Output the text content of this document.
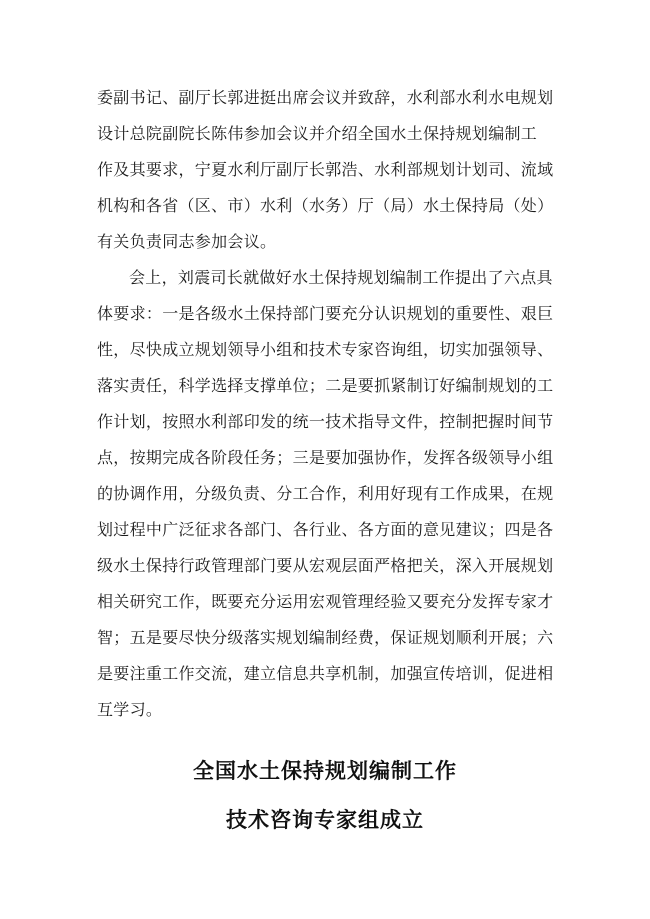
委副书记、副厅长郭进挺出席会议并致辞，水利部水利水电规划
设计总院副院长陈伟参加会议并介绍全国水土保持规划编制工
作及其要求，宁夏水利厅副厅长郭浩、水利部规划计划司、流域
机构和各省（区、市）水利（水务）厅（局）水土保持局（处）
有关负责同志参加会议。
会上，刘震司长就做好水土保持规划编制工作提出了六点具
体要求：一是各级水土保持部门要充分认识规划的重要性、艰巨
性，尽快成立规划领导小组和技术专家咨询组，切实加强领导、
落实责任，科学选择支撑单位；二是要抓紧制订好编制规划的工
作计划，按照水利部印发的统一技术指导文件，控制把握时间节
点，按期完成各阶段任务；三是要加强协作，发挥各级领导小组
的协调作用，分级负责、分工合作，利用好现有工作成果，在规
划过程中广泛征求各部门、各行业、各方面的意见建议；四是各
级水土保持行政管理部门要从宏观层面严格把关，深入开展规划
相关研究工作，既要充分运用宏观管理经验又要充分发挥专家才
智；五是要尽快分级落实规划编制经费，保证规划顺利开展；六
是要注重工作交流，建立信息共享机制，加强宣传培训，促进相
互学习。
全国水土保持规划编制工作
技术咨询专家组成立
